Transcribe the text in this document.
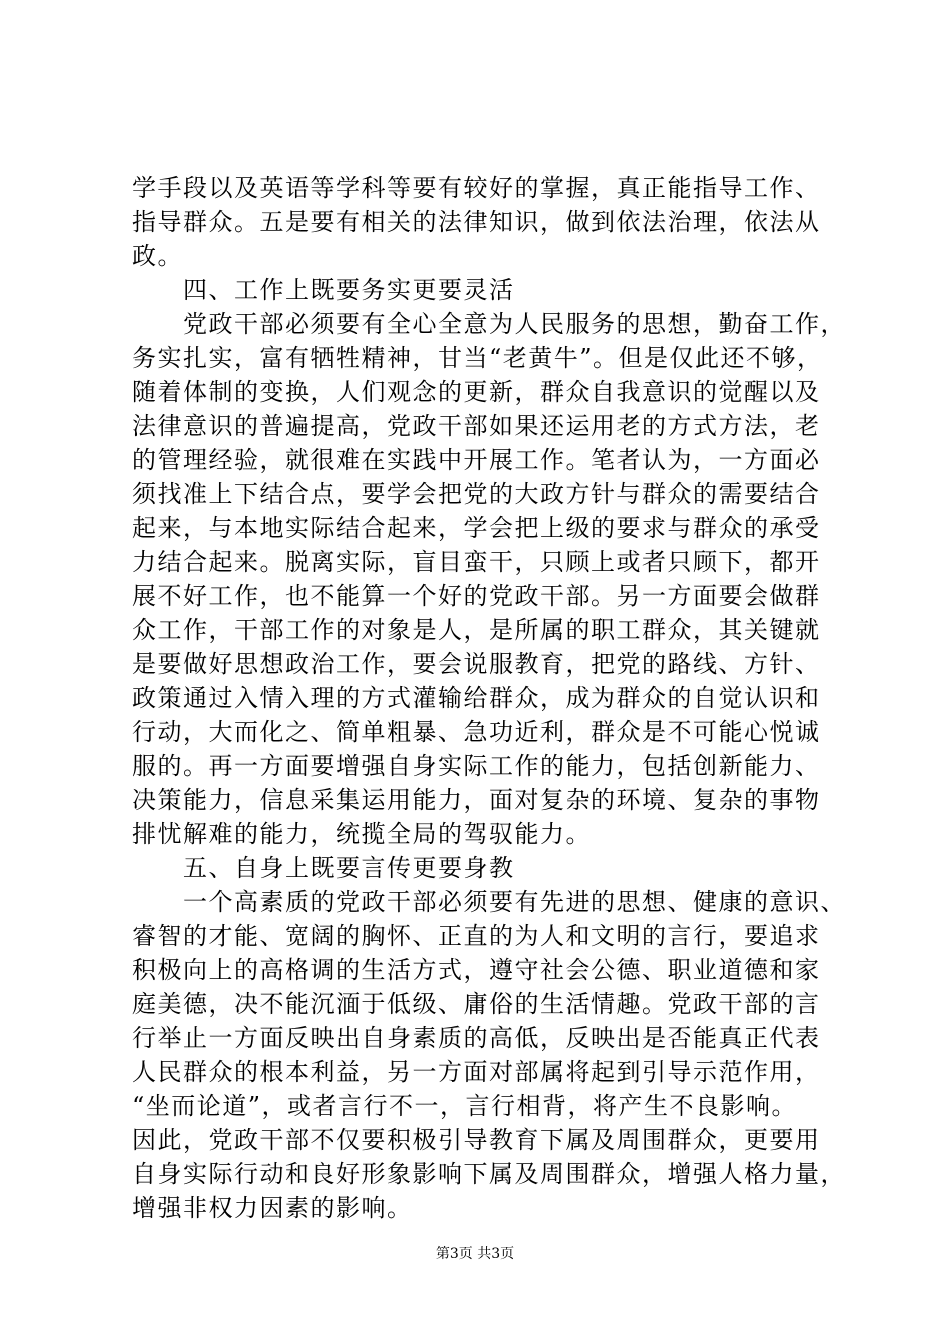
学手段以及英语等学科等要有较好的掌握，真正能指导工作、
指导群众。五是要有相关的法律知识，做到依法治理，依法从
政。
　　四、工作上既要务实更要灵活
　　党政干部必须要有全心全意为人民服务的思想，勤奋工作，
务实扎实，富有牺牲精神，甘当“老黄牛”。但是仅此还不够，
随着体制的变换，人们观念的更新，群众自我意识的觉醒以及
法律意识的普遍提高，党政干部如果还运用老的方式方法，老
的管理经验，就很难在实践中开展工作。笔者认为，一方面必
须找准上下结合点，要学会把党的大政方针与群众的需要结合
起来，与本地实际结合起来，学会把上级的要求与群众的承受
力结合起来。脱离实际，盲目蛮干，只顾上或者只顾下，都开
展不好工作，也不能算一个好的党政干部。另一方面要会做群
众工作，干部工作的对象是人，是所属的职工群众，其关键就
是要做好思想政治工作，要会说服教育，把党的路线、方针、
政策通过入情入理的方式灌输给群众，成为群众的自觉认识和
行动，大而化之、简单粗暴、急功近利，群众是不可能心悦诚
服的。再一方面要增强自身实际工作的能力，包括创新能力、
决策能力，信息采集运用能力，面对复杂的环境、复杂的事物
排忧解难的能力，统揽全局的驾驭能力。
　　五、自身上既要言传更要身教
　　一个高素质的党政干部必须要有先进的思想、健康的意识、
睿智的才能、宽阔的胸怀、正直的为人和文明的言行，要追求
积极向上的高格调的生活方式，遵守社会公德、职业道德和家
庭美德，决不能沉湎于低级、庸俗的生活情趣。党政干部的言
行举止一方面反映出自身素质的高低，反映出是否能真正代表
人民群众的根本利益，另一方面对部属将起到引导示范作用，
“坐而论道”，或者言行不一，言行相背，将产生不良影响。
因此，党政干部不仅要积极引导教育下属及周围群众，更要用
自身实际行动和良好形象影响下属及周围群众，增强人格力量，
增强非权力因素的影响。
第3页 共3页
